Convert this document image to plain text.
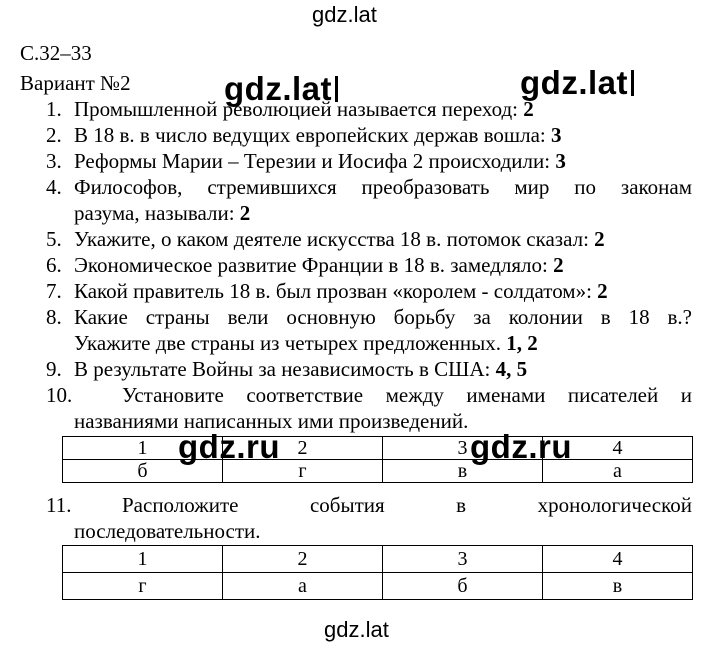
gdz.lat
gdz.lat	gdz.lat
С.32–33
Вариант №2
1. Промышленной революцией называется переход: 2
2. В 18 в. в число ведущих европейских держав вошла: 3
3. Реформы Марии – Терезии и Иосифа 2 происходили: 3
4. Философов, стремившихся преобразовать мир по законам
разума, называли: 2
5. Укажите, о каком деятеле искусства 18 в. потомок сказал: 2
6. Экономическое развитие Франции в 18 в. замедляло: 2
7. Какой правитель 18 в. был прозван «королем - солдатом»: 2
8. Какие страны вели основную борьбу за колонии в 18 в.?
Укажите две страны из четырех предложенных. 1, 2
9. В результате Войны за независимость в США: 4, 5
10. Установите соответствие между именами писателей и
названиями написанных ими произведений.
1	2	3	4
б	г	в	а
gdz.ru	gdz.ru
11. Расположите события в хронологической
последовательности.
1	2	3	4
г	а	б	в
gdz.lat
